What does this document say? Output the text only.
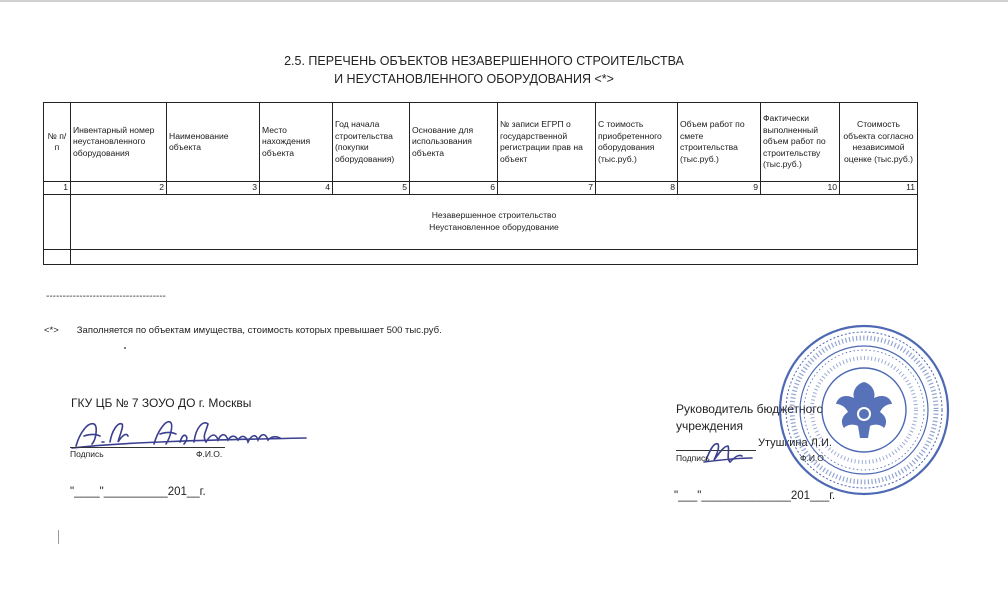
2.5. ПЕРЕЧЕНЬ ОБЪЕКТОВ НЕЗАВЕРШЕННОГО СТРОИТЕЛЬСТВА
И НЕУСТАНОВЛЕННОГО ОБОРУДОВАНИЯ <*>
№ п/п	Инвентарный номер неустановленного оборудования	Наименование объекта	Место нахождения объекта	Год начала строительства (покупки оборудования)	Основание для использования объекта	№ записи ЕГРП о государственной регистрации прав на объект	С тоимость приобретенного оборудования (тыс.руб.)	Объем работ по смете строительства (тыс.руб.)	Фактически выполненный объем работ по строительству (тыс.руб.)	Стоимость объекта согласно независимой оценке (тыс.руб.)
1	2	3	4	5	6	7	8	9	10	11

	Незавершенное строительство
Неустановленное оборудование									

------------------------------------
<*> Заполняется по объектам имущества, стоимость которых превышает 500 тыс.руб.
ГКУ ЦБ № 7 ЗОУО ДО г. Москвы
Подпись	Ф.И.О.
"____"__________201__г.
Руководитель бюджетного
учреждения
Утушкина Л.И.
Подпись	Ф.И.О.
"___"______________201___г.
